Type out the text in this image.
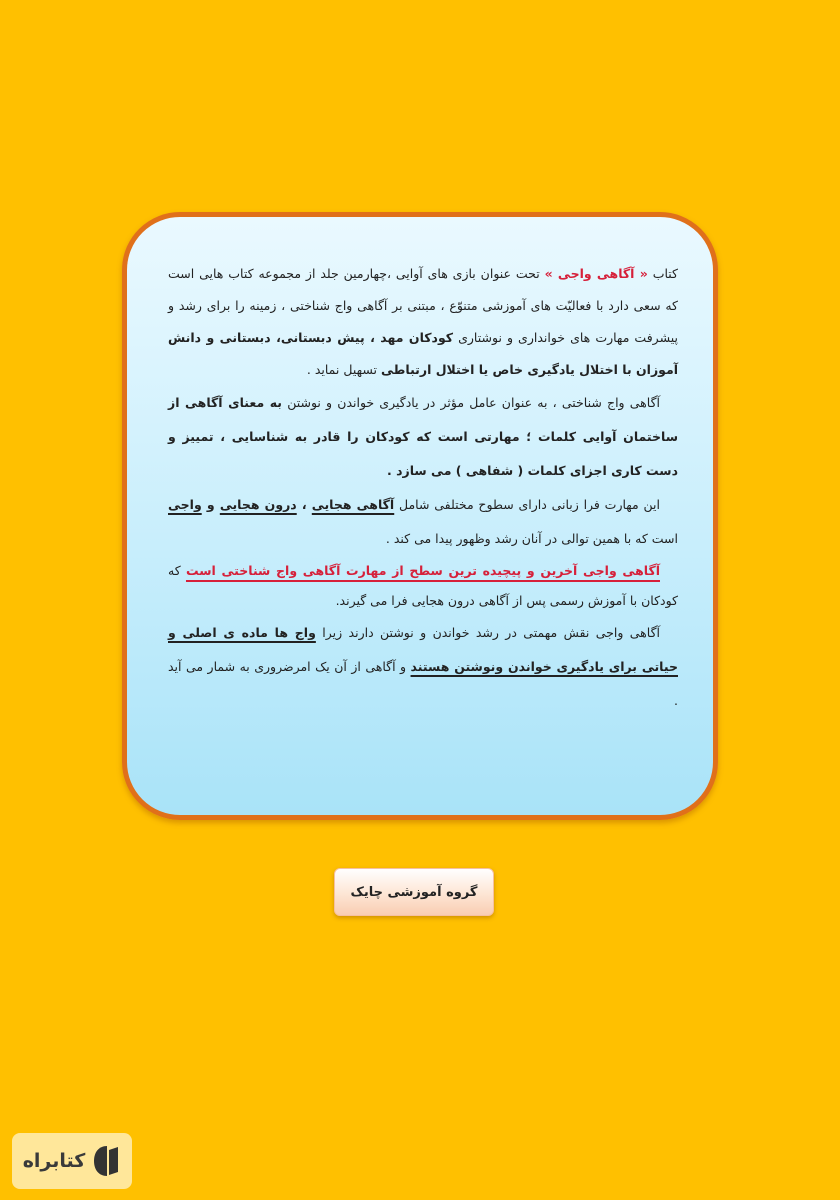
کتاب « آگاهی واجی » تحت عنوان بازی های آوایی ،چهارمین جلد از مجموعه کتاب هایی است که سعی دارد با فعالیّت های آموزشی متنوّع ، مبتنی بر آگاهی واج شناختی ، زمینه را برای رشد و پیشرفت مهارت های خوانداری و نوشتاری کودکان مهد ، پیش دبستانی، دبستانی و دانش آموزان با اختلال یادگیری خاص یا اختلال ارتباطی تسهیل نماید .

آگاهی واج شناختی ، به عنوان عامل مؤثر در یادگیری خواندن و نوشتن به معنای آگاهی از ساختمان آوایی کلمات ؛ مهارتی است که کودکان را قادر به شناسایی ، تمییز و دست کاری اجزای کلمات ( شفاهی ) می سازد .

این مهارت فرا زبانی دارای سطوح مختلفی شامل آگاهی هجایی ، درون هجایی و واجی است که با همین توالی در آنان رشد وظهور پیدا می کند .

آگاهی واجی آخرین و پیچیده ترین سطح از مهارت آگاهی واج شناختی است که کودکان با آموزش رسمی پس از آگاهی درون هجایی فرا می گیرند.

آگاهی واجی نقش مهمتی در رشد خواندن و نوشتن دارند زیرا واج ها ماده ی اصلی و حیاتی برای یادگیری خواندن ونوشتن هستند و آگاهی از آن یک امرضروری به شمار می آید .

گروه آموزشی چایک
کتابراه
